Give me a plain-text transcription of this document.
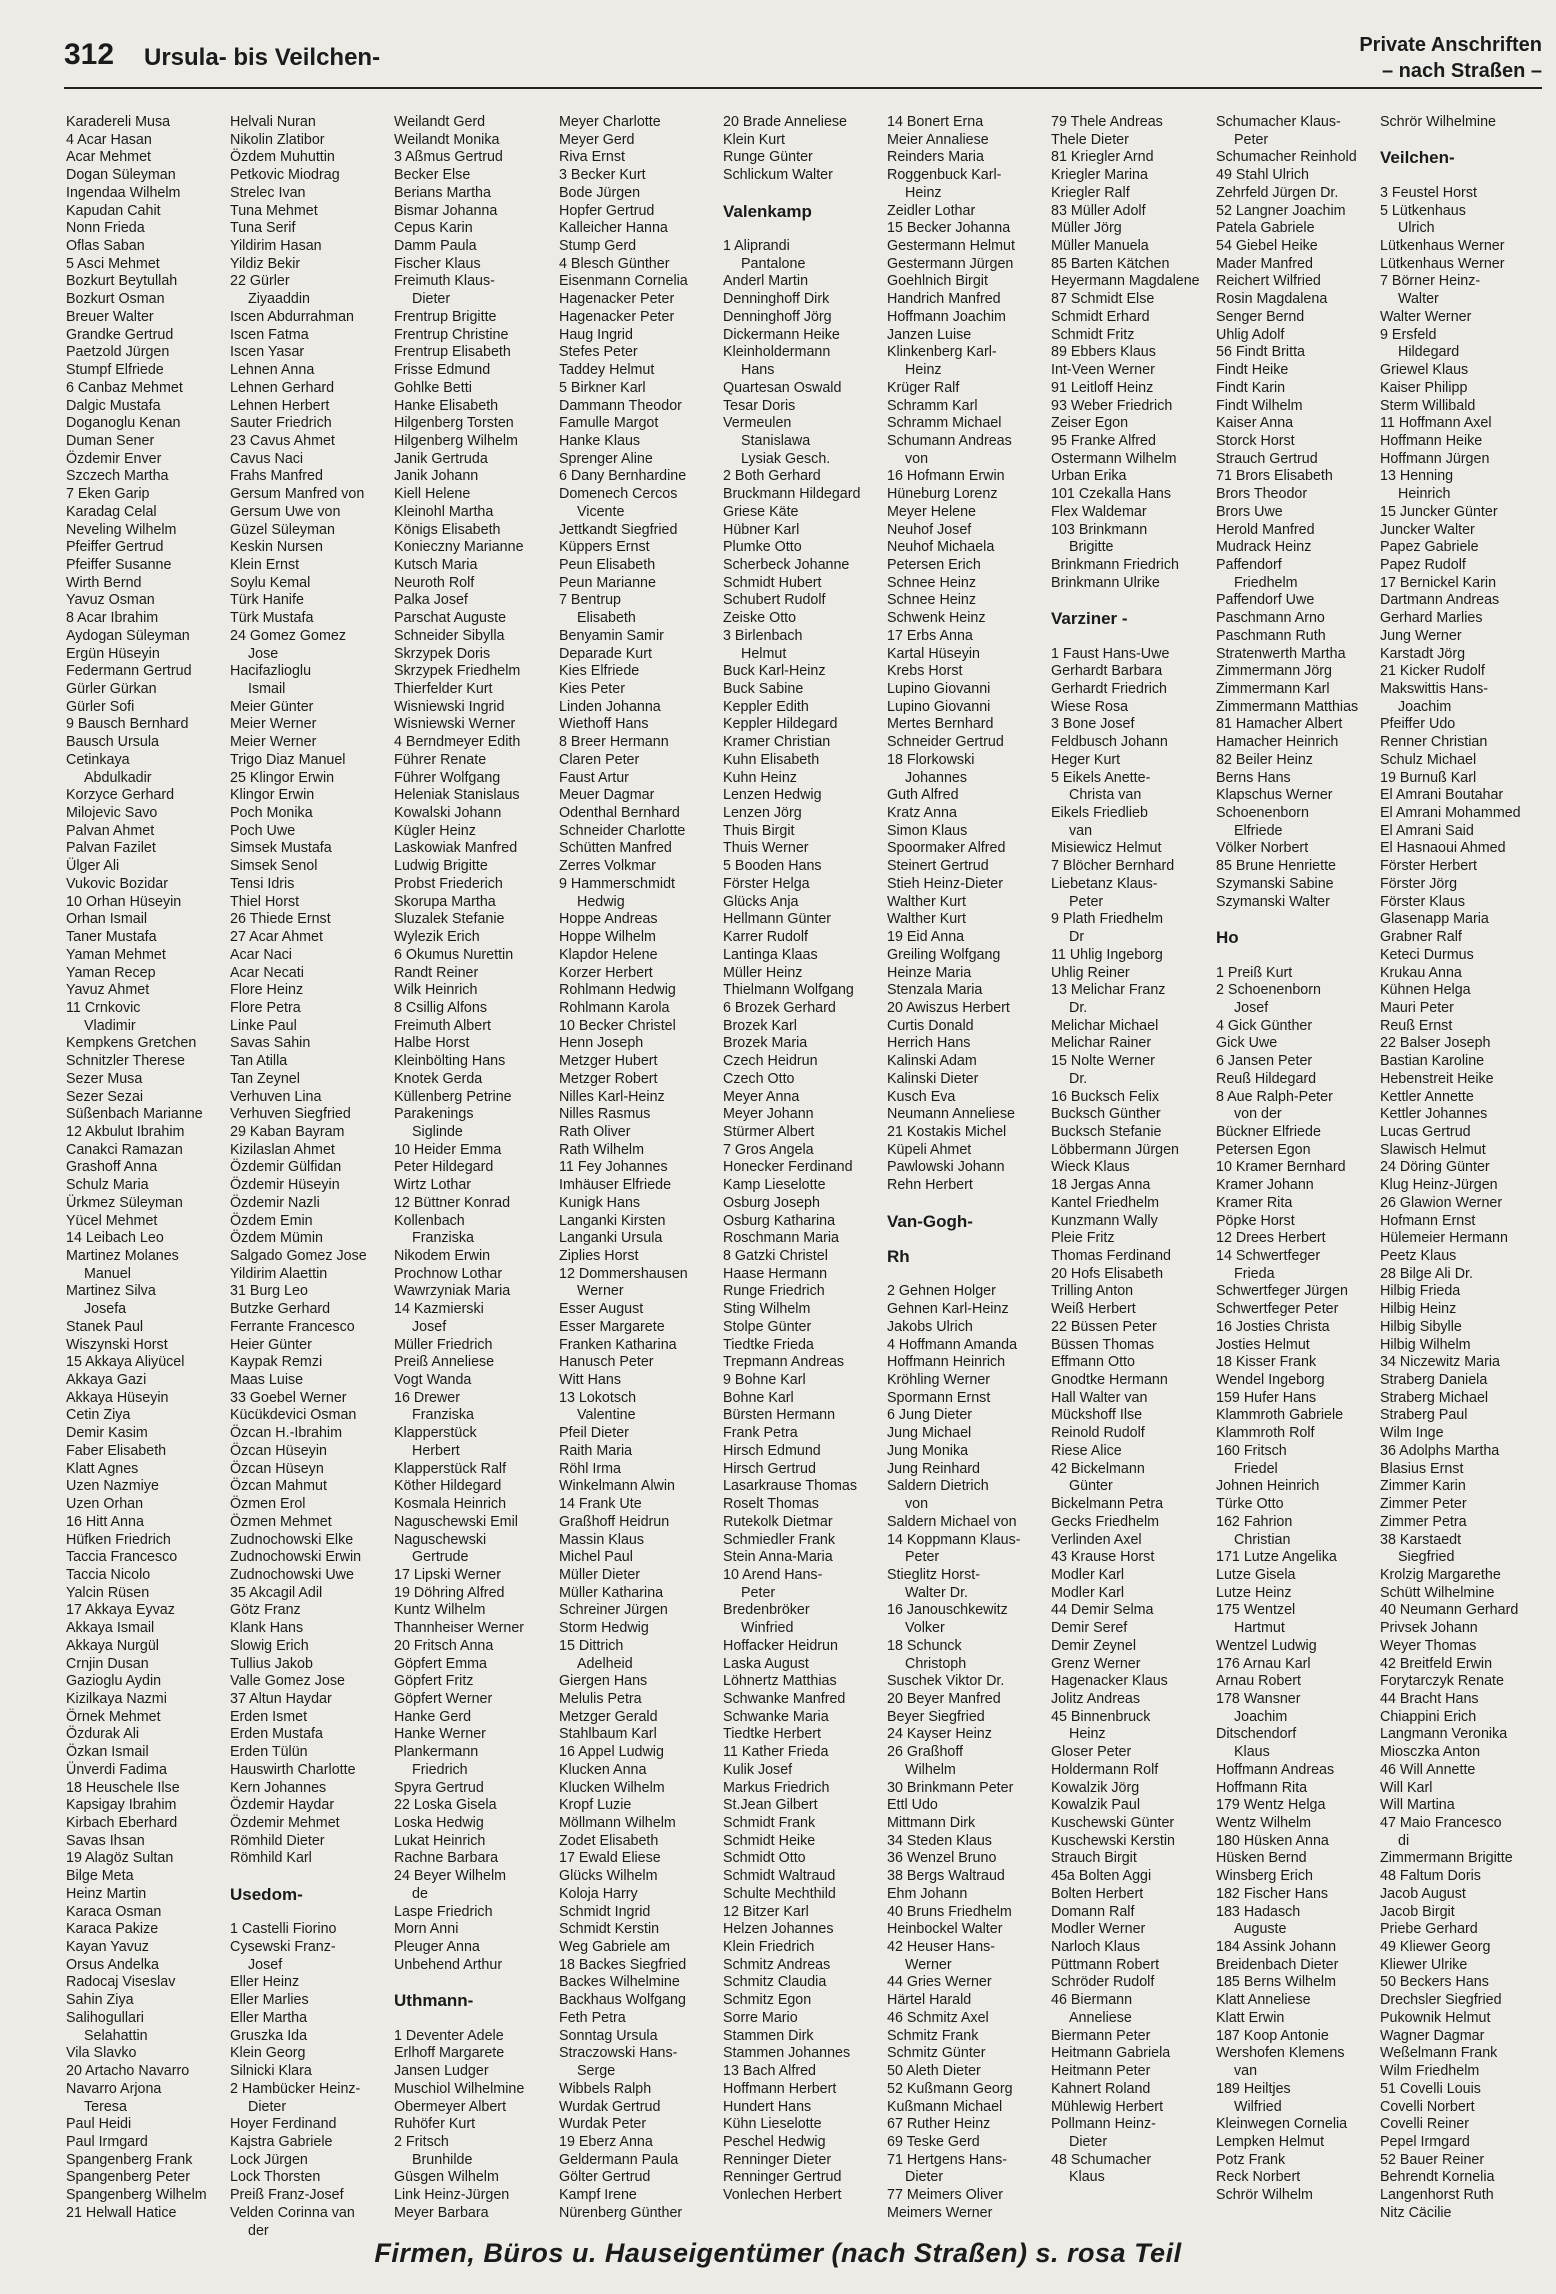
312 Ursula- bis Veilchen-	Private Anschriften
– nach Straßen –
Karadereli Musa
4 Acar Hasan
Acar Mehmet
Dogan Süleyman
Ingendaa Wilhelm
Kapudan Cahit
Nonn Frieda
Oflas Saban
5 Asci Mehmet
Bozkurt Beytullah
Bozkurt Osman
Breuer Walter
Grandke Gertrud
Paetzold Jürgen
Stumpf Elfriede
6 Canbaz Mehmet
Dalgic Mustafa
Doganoglu Kenan
Duman Sener
Özdemir Enver
Szczech Martha
7 Eken Garip
Karadag Celal
Neveling Wilhelm
Pfeiffer Gertrud
Pfeiffer Susanne
Wirth Bernd
Yavuz Osman
8 Acar Ibrahim
Aydogan Süleyman
Ergün Hüseyin
Federmann Gertrud
Gürler Gürkan
Gürler Sofi
9 Bausch Bernhard
Bausch Ursula
Cetinkaya
Abdulkadir
Korzyce Gerhard
Milojevic Savo
Palvan Ahmet
Palvan Fazilet
Ülger Ali
Vukovic Bozidar
10 Orhan Hüseyin
Orhan Ismail
Taner Mustafa
Yaman Mehmet
Yaman Recep
Yavuz Ahmet
11 Crnkovic
Vladimir
Kempkens Gretchen
Schnitzler Therese
Sezer Musa
Sezer Sezai
Süßenbach Marianne
12 Akbulut Ibrahim
Canakci Ramazan
Grashoff Anna
Schulz Maria
Ürkmez Süleyman
Yücel Mehmet
14 Leibach Leo
Martinez Molanes
Manuel
Martinez Silva
Josefa
Stanek Paul
Wiszynski Horst
15 Akkaya Aliyücel
Akkaya Gazi
Akkaya Hüseyin
Cetin Ziya
Demir Kasim
Faber Elisabeth
Klatt Agnes
Uzen Nazmiye
Uzen Orhan
16 Hitt Anna
Hüfken Friedrich
Taccia Francesco
Taccia Nicolo
Yalcin Rüsen
17 Akkaya Eyvaz
Akkaya Ismail
Akkaya Nurgül
Crnjin Dusan
Gazioglu Aydin
Kizilkaya Nazmi
Örnek Mehmet
Özdurak Ali
Özkan Ismail
Ünverdi Fadima
18 Heuschele Ilse
Kapsigay Ibrahim
Kirbach Eberhard
Savas Ihsan
19 Alagöz Sultan
Bilge Meta
Heinz Martin
Karaca Osman
Karaca Pakize
Kayan Yavuz
Orsus Andelka
Radocaj Viseslav
Sahin Ziya
Salihogullari
Selahattin
Vila Slavko
20 Artacho Navarro
Navarro Arjona
Teresa
Paul Heidi
Paul Irmgard
Spangenberg Frank
Spangenberg Peter
Spangenberg Wilhelm
21 Helwall Hatice
Helvali Nuran
Nikolin Zlatibor
Özdem Muhuttin
Petkovic Miodrag
Strelec Ivan
Tuna Mehmet
Tuna Serif
Yildirim Hasan
Yildiz Bekir
22 Gürler
Ziyaaddin
Iscen Abdurrahman
Iscen Fatma
Iscen Yasar
Lehnen Anna
Lehnen Gerhard
Lehnen Herbert
Sauter Friedrich
23 Cavus Ahmet
Cavus Naci
Frahs Manfred
Gersum Manfred von
Gersum Uwe von
Güzel Süleyman
Keskin Nursen
Klein Ernst
Soylu Kemal
Türk Hanife
Türk Mustafa
24 Gomez Gomez
Jose
Hacifazlioglu
Ismail
Meier Günter
Meier Werner
Meier Werner
Trigo Diaz Manuel
25 Klingor Erwin
Klingor Erwin
Poch Monika
Poch Uwe
Simsek Mustafa
Simsek Senol
Tensi Idris
Thiel Horst
26 Thiede Ernst
27 Acar Ahmet
Acar Naci
Acar Necati
Flore Heinz
Flore Petra
Linke Paul
Savas Sahin
Tan Atilla
Tan Zeynel
Verhuven Lina
Verhuven Siegfried
29 Kaban Bayram
Kizilaslan Ahmet
Özdemir Gülfidan
Özdemir Hüseyin
Özdemir Nazli
Özdem Emin
Özdem Mümin
Salgado Gomez Jose
Yildirim Alaettin
31 Burg Leo
Butzke Gerhard
Ferrante Francesco
Heier Günter
Kaypak Remzi
Maas Luise
33 Goebel Werner
Kücükdevici Osman
Özcan H.-Ibrahim
Özcan Hüseyin
Özcan Hüseyn
Özcan Mahmut
Özmen Erol
Özmen Mehmet
Zudnochowski Elke
Zudnochowski Erwin
Zudnochowski Uwe
35 Akcagil Adil
Götz Franz
Klank Hans
Slowig Erich
Tullius Jakob
Valle Gomez Jose
37 Altun Haydar
Erden Ismet
Erden Mustafa
Erden Tülün
Hauswirth Charlotte
Kern Johannes
Özdemir Haydar
Özdemir Mehmet
Römhild Dieter
Römhild Karl

Usedom-

1 Castelli Fiorino
Cysewski Franz-
Josef
Eller Heinz
Eller Marlies
Eller Martha
Gruszka Ida
Klein Georg
Silnicki Klara
2 Hambücker Heinz-
Dieter
Hoyer Ferdinand
Kajstra Gabriele
Lock Jürgen
Lock Thorsten
Preiß Franz-Josef
Velden Corinna van
der
Weilandt Gerd
Weilandt Monika
3 Aßmus Gertrud
Becker Else
Berians Martha
Bismar Johanna
Cepus Karin
Damm Paula
Fischer Klaus
Freimuth Klaus-
Dieter
Frentrup Brigitte
Frentrup Christine
Frentrup Elisabeth
Frisse Edmund
Gohlke Betti
Hanke Elisabeth
Hilgenberg Torsten
Hilgenberg Wilhelm
Janik Gertruda
Janik Johann
Kiell Helene
Kleinohl Martha
Königs Elisabeth
Konieczny Marianne
Kutsch Maria
Neuroth Rolf
Palka Josef
Parschat Auguste
Schneider Sibylla
Skrzypek Doris
Skrzypek Friedhelm
Thierfelder Kurt
Wisniewski Ingrid
Wisniewski Werner
4 Berndmeyer Edith
Führer Renate
Führer Wolfgang
Heleniak Stanislaus
Kowalski Johann
Kügler Heinz
Laskowiak Manfred
Ludwig Brigitte
Probst Friederich
Skorupa Martha
Sluzalek Stefanie
Wylezik Erich
6 Okumus Nurettin
Randt Reiner
Wilk Heinrich
8 Csillig Alfons
Freimuth Albert
Halbe Horst
Kleinbölting Hans
Knotek Gerda
Küllenberg Petrine
Parakenings
Siglinde
10 Heider Emma
Peter Hildegard
Wirtz Lothar
12 Büttner Konrad
Kollenbach
Franziska
Nikodem Erwin
Prochnow Lothar
Wawrzyniak Maria
14 Kazmierski
Josef
Müller Friedrich
Preiß Anneliese
Vogt Wanda
16 Drewer
Franziska
Klapperstück
Herbert
Klapperstück Ralf
Köther Hildegard
Kosmala Heinrich
Naguschewski Emil
Naguschewski
Gertrude
17 Lipski Werner
19 Döhring Alfred
Kuntz Wilhelm
Thannheiser Werner
20 Fritsch Anna
Göpfert Emma
Göpfert Fritz
Göpfert Werner
Hanke Gerd
Hanke Werner
Plankermann
Friedrich
Spyra Gertrud
22 Loska Gisela
Loska Hedwig
Lukat Heinrich
Rachne Barbara
24 Beyer Wilhelm
de
Laspe Friedrich
Morn Anni
Pleuger Anna
Unbehend Arthur

Uthmann-

1 Deventer Adele
Erlhoff Margarete
Jansen Ludger
Muschiol Wilhelmine
Obermeyer Albert
Ruhöfer Kurt
2 Fritsch
Brunhilde
Güsgen Wilhelm
Link Heinz-Jürgen
Meyer Barbara
Meyer Charlotte
Meyer Gerd
Riva Ernst
3 Becker Kurt
Bode Jürgen
Hopfer Gertrud
Kalleicher Hanna
Stump Gerd
4 Blesch Günther
Eisenmann Cornelia
Hagenacker Peter
Hagenacker Peter
Haug Ingrid
Stefes Peter
Taddey Helmut
5 Birkner Karl
Dammann Theodor
Famulle Margot
Hanke Klaus
Sprenger Aline
6 Dany Bernhardine
Domenech Cercos
Vicente
Jettkandt Siegfried
Küppers Ernst
Peun Elisabeth
Peun Marianne
7 Bentrup
Elisabeth
Benyamin Samir
Deparade Kurt
Kies Elfriede
Kies Peter
Linden Johanna
Wiethoff Hans
8 Breer Hermann
Claren Peter
Faust Artur
Meuer Dagmar
Odenthal Bernhard
Schneider Charlotte
Schütten Manfred
Zerres Volkmar
9 Hammerschmidt
Hedwig
Hoppe Andreas
Hoppe Wilhelm
Klapdor Helene
Korzer Herbert
Rohlmann Hedwig
Rohlmann Karola
10 Becker Christel
Henn Joseph
Metzger Hubert
Metzger Robert
Nilles Karl-Heinz
Nilles Rasmus
Rath Oliver
Rath Wilhelm
11 Fey Johannes
Imhäuser Elfriede
Kunigk Hans
Langanki Kirsten
Langanki Ursula
Ziplies Horst
12 Dommershausen
Werner
Esser August
Esser Margarete
Franken Katharina
Hanusch Peter
Witt Hans
13 Lokotsch
Valentine
Pfeil Dieter
Raith Maria
Röhl Irma
Winkelmann Alwin
14 Frank Ute
Graßhoff Heidrun
Massin Klaus
Michel Paul
Müller Dieter
Müller Katharina
Schreiner Jürgen
Storm Hedwig
15 Dittrich
Adelheid
Giergen Hans
Melulis Petra
Metzger Gerald
Stahlbaum Karl
16 Appel Ludwig
Klucken Anna
Klucken Wilhelm
Kropf Luzie
Möllmann Wilhelm
Zodet Elisabeth
17 Ewald Eliese
Glücks Wilhelm
Koloja Harry
Schmidt Ingrid
Schmidt Kerstin
Weg Gabriele am
18 Backes Siegfried
Backes Wilhelmine
Backhaus Wolfgang
Feth Petra
Sonntag Ursula
Straczowski Hans-
Serge
Wibbels Ralph
Wurdak Gertrud
Wurdak Peter
19 Eberz Anna
Geldermann Paula
Gölter Gertrud
Kampf Irene
Nürenberg Günther
20 Brade Anneliese
Klein Kurt
Runge Günter
Schlickum Walter

Valenkamp

1 Aliprandi
Pantalone
Anderl Martin
Denninghoff Dirk
Denninghoff Jörg
Dickermann Heike
Kleinholdermann
Hans
Quartesan Oswald
Tesar Doris
Vermeulen
Stanislawa
Lysiak Gesch.
2 Both Gerhard
Bruckmann Hildegard
Griese Käte
Hübner Karl
Plumke Otto
Scherbeck Johanne
Schmidt Hubert
Schubert Rudolf
Zeiske Otto
3 Birlenbach
Helmut
Buck Karl-Heinz
Buck Sabine
Keppler Edith
Keppler Hildegard
Kramer Christian
Kuhn Elisabeth
Kuhn Heinz
Lenzen Hedwig
Lenzen Jörg
Thuis Birgit
Thuis Werner
5 Booden Hans
Förster Helga
Glücks Anja
Hellmann Günter
Karrer Rudolf
Lantinga Klaas
Müller Heinz
Thielmann Wolfgang
6 Brozek Gerhard
Brozek Karl
Brozek Maria
Czech Heidrun
Czech Otto
Meyer Anna
Meyer Johann
Stürmer Albert
7 Gros Angela
Honecker Ferdinand
Kamp Lieselotte
Osburg Joseph
Osburg Katharina
Roschmann Maria
8 Gatzki Christel
Haase Hermann
Runge Friedrich
Sting Wilhelm
Stolpe Günter
Tiedtke Frieda
Trepmann Andreas
9 Bohne Karl
Bohne Karl
Bürsten Hermann
Frank Petra
Hirsch Edmund
Hirsch Gertrud
Lasarkrause Thomas
Roselt Thomas
Rutekolk Dietmar
Schmiedler Frank
Stein Anna-Maria
10 Arend Hans-
Peter
Bredenbröker
Winfried
Hoffacker Heidrun
Laska August
Löhnertz Matthias
Schwanke Manfred
Schwanke Maria
Tiedtke Herbert
11 Kather Frieda
Kulik Josef
Markus Friedrich
St.Jean Gilbert
Schmidt Frank
Schmidt Heike
Schmidt Otto
Schmidt Waltraud
Schulte Mechthild
12 Bitzer Karl
Helzen Johannes
Klein Friedrich
Schmitz Andreas
Schmitz Claudia
Schmitz Egon
Sorre Mario
Stammen Dirk
Stammen Johannes
13 Bach Alfred
Hoffmann Herbert
Hundert Hans
Kühn Lieselotte
Peschel Hedwig
Renninger Dieter
Renninger Gertrud
Vonlechen Herbert
14 Bonert Erna
Meier Annaliese
Reinders Maria
Roggenbuck Karl-
Heinz
Zeidler Lothar
15 Becker Johanna
Gestermann Helmut
Gestermann Jürgen
Goehlnich Birgit
Handrich Manfred
Hoffmann Joachim
Janzen Luise
Klinkenberg Karl-
Heinz
Krüger Ralf
Schramm Karl
Schramm Michael
Schumann Andreas
von
16 Hofmann Erwin
Hüneburg Lorenz
Meyer Helene
Neuhof Josef
Neuhof Michaela
Petersen Erich
Schnee Heinz
Schnee Heinz
Schwenk Heinz
17 Erbs Anna
Kartal Hüseyin
Krebs Horst
Lupino Giovanni
Lupino Giovanni
Mertes Bernhard
Schneider Gertrud
18 Florkowski
Johannes
Guth Alfred
Kratz Anna
Simon Klaus
Spoormaker Alfred
Steinert Gertrud
Stieh Heinz-Dieter
Walther Kurt
Walther Kurt
19 Eid Anna
Greiling Wolfgang
Heinze Maria
Stenzala Maria
20 Awiszus Herbert
Curtis Donald
Herrich Hans
Kalinski Adam
Kalinski Dieter
Kusch Eva
Neumann Anneliese
21 Kostakis Michel
Küpeli Ahmet
Pawlowski Johann
Rehn Herbert

Van-Gogh-

Rh

2 Gehnen Holger
Gehnen Karl-Heinz
Jakobs Ulrich
4 Hoffmann Amanda
Hoffmann Heinrich
Kröhling Werner
Spormann Ernst
6 Jung Dieter
Jung Michael
Jung Monika
Jung Reinhard
Saldern Dietrich
von
Saldern Michael von
14 Koppmann Klaus-
Peter
Stieglitz Horst-
Walter Dr.
16 Janouschkewitz
Volker
18 Schunck
Christoph
Suschek Viktor Dr.
20 Beyer Manfred
Beyer Siegfried
24 Kayser Heinz
26 Graßhoff
Wilhelm
30 Brinkmann Peter
Ettl Udo
Mittmann Dirk
34 Steden Klaus
36 Wenzel Bruno
38 Bergs Waltraud
Ehm Johann
40 Bruns Friedhelm
Heinbockel Walter
42 Heuser Hans-
Werner
44 Gries Werner
Härtel Harald
46 Schmitz Axel
Schmitz Frank
Schmitz Günter
50 Aleth Dieter
52 Kußmann Georg
Kußmann Michael
67 Ruther Heinz
69 Teske Gerd
71 Hertgens Hans-
Dieter
77 Meimers Oliver
Meimers Werner
79 Thele Andreas
Thele Dieter
81 Kriegler Arnd
Kriegler Marina
Kriegler Ralf
83 Müller Adolf
Müller Jörg
Müller Manuela
85 Barten Kätchen
Heyermann Magdalene
87 Schmidt Else
Schmidt Erhard
Schmidt Fritz
89 Ebbers Klaus
Int-Veen Werner
91 Leitloff Heinz
93 Weber Friedrich
Zeiser Egon
95 Franke Alfred
Ostermann Wilhelm
Urban Erika
101 Czekalla Hans
Flex Waldemar
103 Brinkmann
Brigitte
Brinkmann Friedrich
Brinkmann Ulrike

Varziner -

1 Faust Hans-Uwe
Gerhardt Barbara
Gerhardt Friedrich
Wiese Rosa
3 Bone Josef
Feldbusch Johann
Heger Kurt
5 Eikels Anette-
Christa van
Eikels Friedlieb
van
Misiewicz Helmut
7 Blöcher Bernhard
Liebetanz Klaus-
Peter
9 Plath Friedhelm
Dr
11 Uhlig Ingeborg
Uhlig Reiner
13 Melichar Franz
Dr.
Melichar Michael
Melichar Rainer
15 Nolte Werner
Dr.
16 Bucksch Felix
Bucksch Günther
Bucksch Stefanie
Löbbermann Jürgen
Wieck Klaus
18 Jergas Anna
Kantel Friedhelm
Kunzmann Wally
Pleie Fritz
Thomas Ferdinand
20 Hofs Elisabeth
Trilling Anton
Weiß Herbert
22 Büssen Peter
Büssen Thomas
Effmann Otto
Gnodtke Hermann
Hall Walter van
Mückshoff Ilse
Reinold Rudolf
Riese Alice
42 Bickelmann
Günter
Bickelmann Petra
Gecks Friedhelm
Verlinden Axel
43 Krause Horst
Modler Karl
Modler Karl
44 Demir Selma
Demir Seref
Demir Zeynel
Grenz Werner
Hagenacker Klaus
Jolitz Andreas
45 Binnenbruck
Heinz
Gloser Peter
Holdermann Rolf
Kowalzik Jörg
Kowalzik Paul
Kuschewski Günter
Kuschewski Kerstin
Strauch Birgit
45a Bolten Aggi
Bolten Herbert
Domann Ralf
Modler Werner
Narloch Klaus
Püttmann Robert
Schröder Rudolf
46 Biermann
Anneliese
Biermann Peter
Heitmann Gabriela
Heitmann Peter
Kahnert Roland
Mühlewig Herbert
Pollmann Heinz-
Dieter
48 Schumacher
Klaus
Schumacher Klaus-
Peter
Schumacher Reinhold
49 Stahl Ulrich
Zehrfeld Jürgen Dr.
52 Langner Joachim
Patela Gabriele
54 Giebel Heike
Mader Manfred
Reichert Wilfried
Rosin Magdalena
Senger Bernd
Uhlig Adolf
56 Findt Britta
Findt Heike
Findt Karin
Findt Wilhelm
Kaiser Anna
Storck Horst
Strauch Gertrud
71 Brors Elisabeth
Brors Theodor
Brors Uwe
Herold Manfred
Mudrack Heinz
Paffendorf
Friedhelm
Paffendorf Uwe
Paschmann Arno
Paschmann Ruth
Stratenwerth Martha
Zimmermann Jörg
Zimmermann Karl
Zimmermann Matthias
81 Hamacher Albert
Hamacher Heinrich
82 Beiler Heinz
Berns Hans
Klapschus Werner
Schoenenborn
Elfriede
Völker Norbert
85 Brune Henriette
Szymanski Sabine
Szymanski Walter

Ho

1 Preiß Kurt
2 Schoenenborn
Josef
4 Gick Günther
Gick Uwe
6 Jansen Peter
Reuß Hildegard
8 Aue Ralph-Peter
von der
Bückner Elfriede
Petersen Egon
10 Kramer Bernhard
Kramer Johann
Kramer Rita
Pöpke Horst
12 Drees Herbert
14 Schwertfeger
Frieda
Schwertfeger Jürgen
Schwertfeger Peter
16 Josties Christa
Josties Helmut
18 Kisser Frank
Wendel Ingeborg
159 Hufer Hans
Klammroth Gabriele
Klammroth Rolf
160 Fritsch
Friedel
Johnen Heinrich
Türke Otto
162 Fahrion
Christian
171 Lutze Angelika
Lutze Gisela
Lutze Heinz
175 Wentzel
Hartmut
Wentzel Ludwig
176 Arnau Karl
Arnau Robert
178 Wansner
Joachim
Ditschendorf
Klaus
Hoffmann Andreas
Hoffmann Rita
179 Wentz Helga
Wentz Wilhelm
180 Hüsken Anna
Hüsken Bernd
Winsberg Erich
182 Fischer Hans
183 Hadasch
Auguste
184 Assink Johann
Breidenbach Dieter
185 Berns Wilhelm
Klatt Anneliese
Klatt Erwin
187 Koop Antonie
Wershofen Klemens
van
189 Heiltjes
Wilfried
Kleinwegen Cornelia
Lempken Helmut
Potz Frank
Reck Norbert
Schrör Wilhelm
Schrör Wilhelmine

Veilchen-

3 Feustel Horst
5 Lütkenhaus
Ulrich
Lütkenhaus Werner
Lütkenhaus Werner
7 Börner Heinz-
Walter
Walter Werner
9 Ersfeld
Hildegard
Griewel Klaus
Kaiser Philipp
Sterm Willibald
11 Hoffmann Axel
Hoffmann Heike
Hoffmann Jürgen
13 Henning
Heinrich
15 Juncker Günter
Juncker Walter
Papez Gabriele
Papez Rudolf
17 Bernickel Karin
Dartmann Andreas
Gerhard Marlies
Jung Werner
Karstadt Jörg
21 Kicker Rudolf
Makswittis Hans-
Joachim
Pfeiffer Udo
Renner Christian
Schulz Michael
19 Burnuß Karl
El Amrani Boutahar
El Amrani Mohammed
El Amrani Said
El Hasnaoui Ahmed
Förster Herbert
Förster Jörg
Förster Klaus
Glasenapp Maria
Grabner Ralf
Keteci Durmus
Krukau Anna
Kühnen Helga
Mauri Peter
Reuß Ernst
22 Balser Joseph
Bastian Karoline
Hebenstreit Heike
Kettler Annette
Kettler Johannes
Lucas Gertrud
Slawisch Helmut
24 Döring Günter
Klug Heinz-Jürgen
26 Glawion Werner
Hofmann Ernst
Hülemeier Hermann
Peetz Klaus
28 Bilge Ali Dr.
Hilbig Frieda
Hilbig Heinz
Hilbig Sibylle
Hilbig Wilhelm
34 Niczewitz Maria
Straberg Daniela
Straberg Michael
Straberg Paul
Wilm Inge
36 Adolphs Martha
Blasius Ernst
Zimmer Karin
Zimmer Peter
Zimmer Petra
38 Karstaedt
Siegfried
Krolzig Margarethe
Schütt Wilhelmine
40 Neumann Gerhard
Privsek Johann
Weyer Thomas
42 Breitfeld Erwin
Forytarczyk Renate
44 Bracht Hans
Chiappini Erich
Langmann Veronika
Miosczka Anton
46 Will Annette
Will Karl
Will Martina
47 Maio Francesco
di
Zimmermann Brigitte
48 Faltum Doris
Jacob August
Jacob Birgit
Priebe Gerhard
49 Kliewer Georg
Kliewer Ulrike
50 Beckers Hans
Drechsler Siegfried
Pukownik Helmut
Wagner Dagmar
Weßelmann Frank
Wilm Friedhelm
51 Covelli Louis
Covelli Norbert
Covelli Reiner
Pepel Irmgard
52 Bauer Reiner
Behrendt Kornelia
Langenhorst Ruth
Nitz Cäcilie
Firmen, Büros u. Hauseigentümer (nach Straßen) s. rosa Teil
